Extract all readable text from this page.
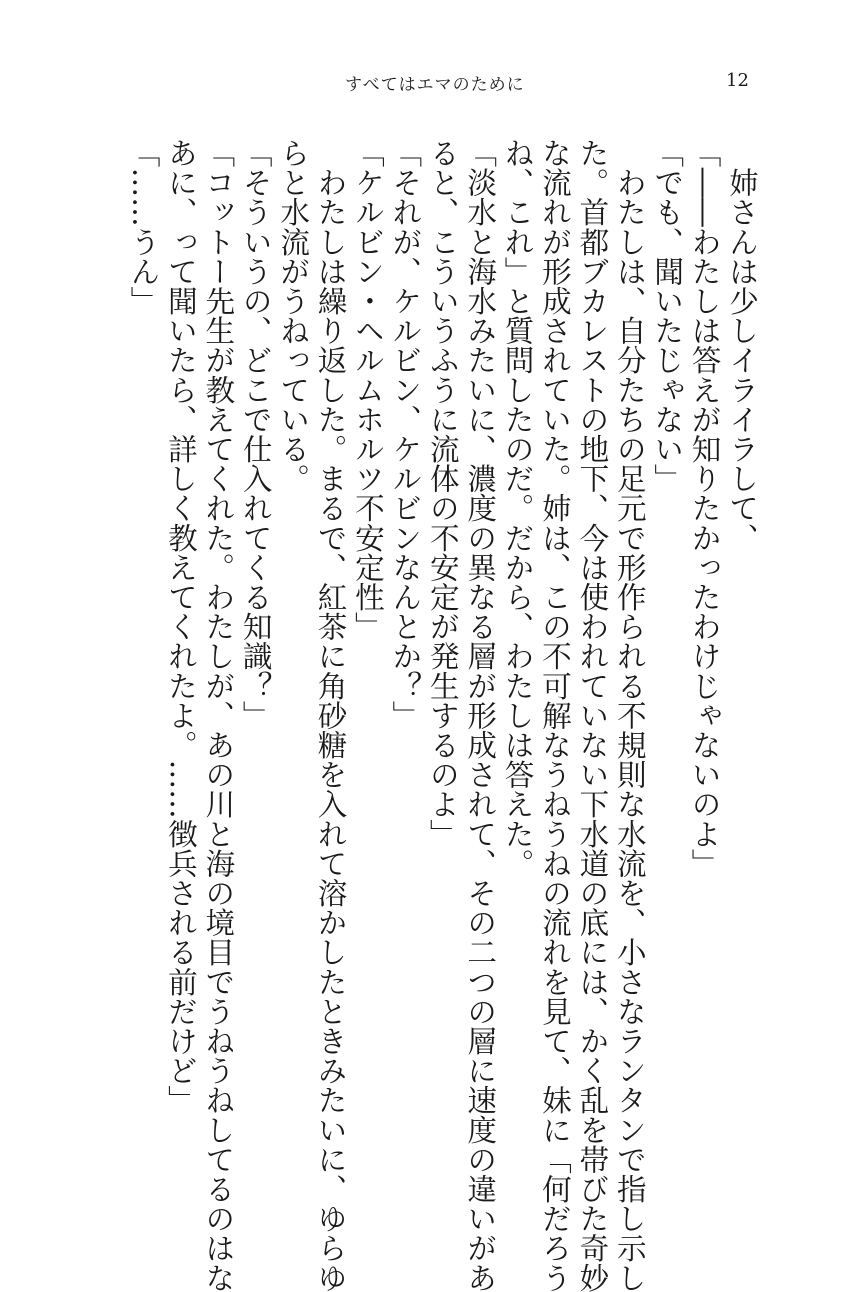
すべてはエマのために	12

　姉さんは少しイライラして、

「――わたしは答えが知りたかったわけじゃないのよ」

「でも、聞いたじゃない」

　わたしは、自分たちの足元で形作られる不規則な水流を、小さなランタンで指し示し

た。首都ブカレストの地下、今は使われていない下水道の底には、かく乱を帯びた奇妙

な流れが形成されていた。姉は、この不可解なうねうねの流れを見て、妹に「何だろう

ね、これ」と質問したのだ。だから、わたしは答えた。

「淡水と海水みたいに、濃度の異なる層が形成されて、その二つの層に速度の違いがあ

ると、こういうふうに流体の不安定が発生するのよ」

「それが、ケルビン、ケルビンなんとか？」

「ケルビン・ヘルムホルツ不安定性」

　わたしは繰り返した。まるで、紅茶に角砂糖を入れて溶かしたときみたいに、ゆらゆ

らと水流がうねっている。

「そういうの、どこで仕入れてくる知識？」

「コットー先生が教えてくれた。わたしが、あの川と海の境目でうねうねしてるのはな

あに、って聞いたら、詳しく教えてくれたよ。……徴兵される前だけど」

「……うん」
